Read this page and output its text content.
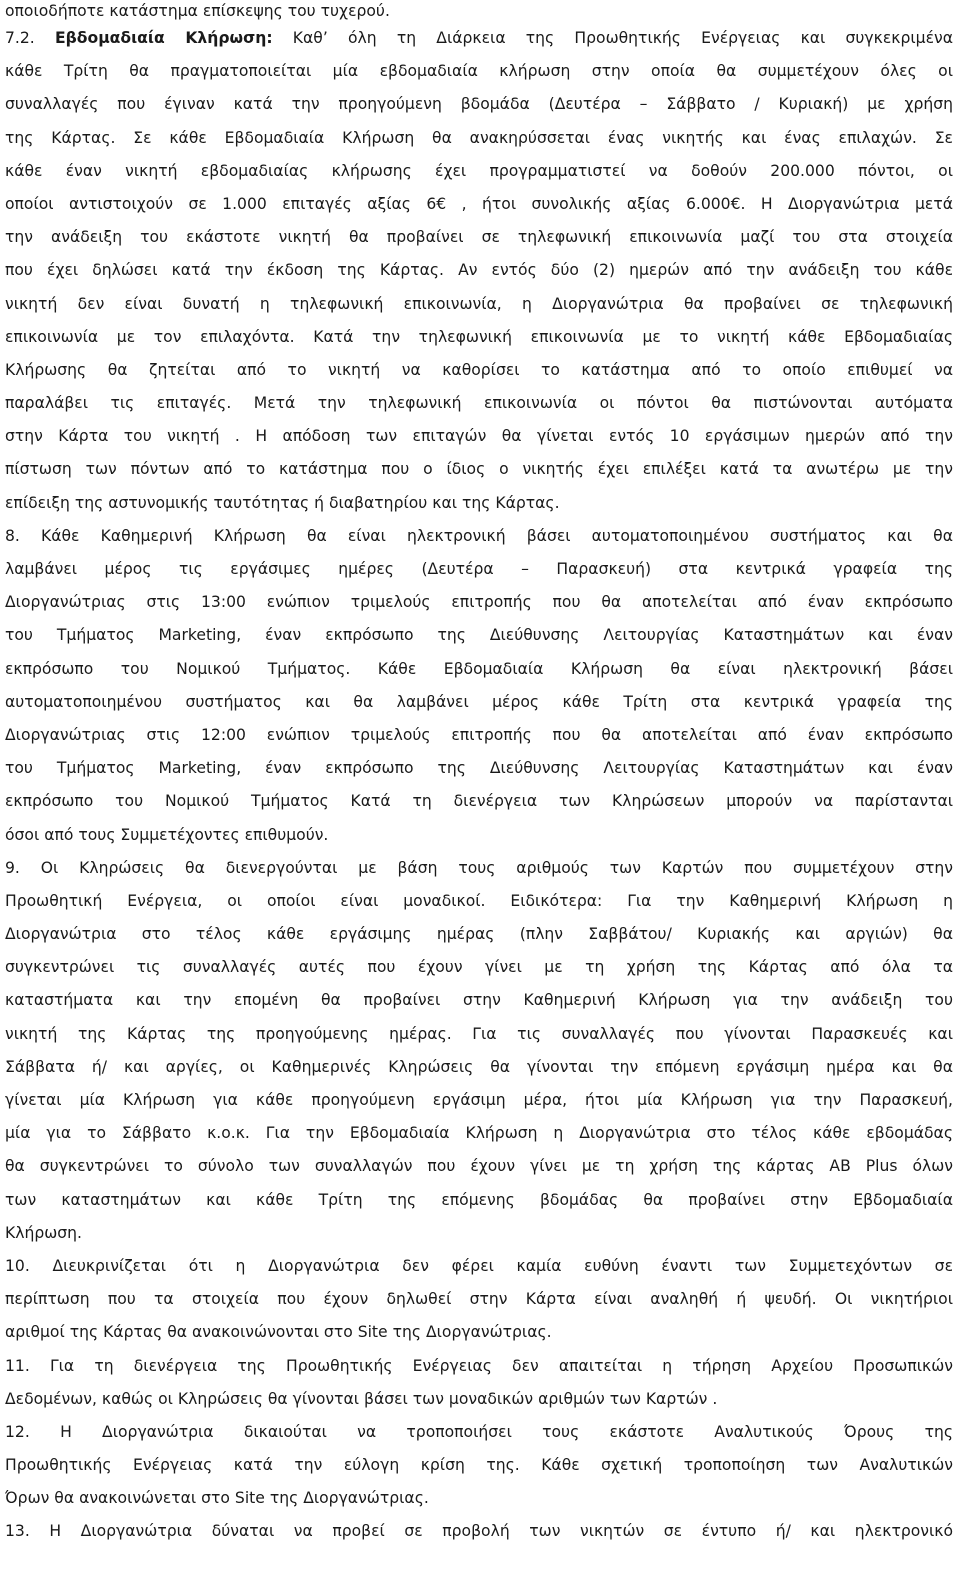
οποιοδήποτε κατάστημα επίσκεψης του τυχερού.
7.2. Εβδομαδιαία Κλήρωση: Καθ’ όλη τη Διάρκεια της Προωθητικής Ενέργειας και συγκεκριμένα
κάθε Τρίτη θα πραγματοποιείται μία εβδομαδιαία κλήρωση στην οποία θα συμμετέχουν όλες οι
συναλλαγές που έγιναν κατά την προηγούμενη βδομάδα (Δευτέρα – Σάββατο / Κυριακή) με χρήση
της Κάρτας. Σε κάθε Εβδομαδιαία Κλήρωση θα ανακηρύσσεται ένας νικητής και ένας επιλαχών. Σε
κάθε έναν νικητή εβδομαδιαίας κλήρωσης έχει προγραμματιστεί να δοθούν 200.000 πόντοι, οι
οποίοι αντιστοιχούν σε 1.000 επιταγές αξίας 6€ , ήτοι συνολικής αξίας 6.000€. Η Διοργανώτρια μετά
την ανάδειξη του εκάστοτε νικητή θα προβαίνει σε τηλεφωνική επικοινωνία μαζί του στα στοιχεία
που έχει δηλώσει κατά την έκδοση της Κάρτας. Αν εντός δύο (2) ημερών από την ανάδειξη του κάθε
νικητή δεν είναι δυνατή η τηλεφωνική επικοινωνία, η Διοργανώτρια θα προβαίνει σε τηλεφωνική
επικοινωνία με τον επιλαχόντα. Κατά την τηλεφωνική επικοινωνία με το νικητή κάθε Εβδομαδιαίας
Κλήρωσης θα ζητείται από το νικητή να καθορίσει το κατάστημα από το οποίο επιθυμεί να
παραλάβει τις επιταγές. Μετά την τηλεφωνική επικοινωνία οι πόντοι θα πιστώνονται αυτόματα
στην Κάρτα του νικητή . Η απόδοση των επιταγών θα γίνεται εντός 10 εργάσιμων ημερών από την
πίστωση των πόντων από το κατάστημα που ο ίδιος ο νικητής έχει επιλέξει κατά τα ανωτέρω με την
επίδειξη της αστυνομικής ταυτότητας ή διαβατηρίου και της Κάρτας.
8. Κάθε Καθημερινή Κλήρωση θα είναι ηλεκτρονική βάσει αυτοματοποιημένου συστήματος και θα
λαμβάνει μέρος τις εργάσιμες ημέρες (Δευτέρα – Παρασκευή) στα κεντρικά γραφεία της
Διοργανώτριας στις 13:00 ενώπιον τριμελούς επιτροπής που θα αποτελείται από έναν εκπρόσωπο
του Τμήματος Marketing, έναν εκπρόσωπο της Διεύθυνσης Λειτουργίας Καταστημάτων και έναν
εκπρόσωπο του Νομικού Τμήματος. Κάθε Εβδομαδιαία Κλήρωση θα είναι ηλεκτρονική βάσει
αυτοματοποιημένου συστήματος και θα λαμβάνει μέρος κάθε Τρίτη στα κεντρικά γραφεία της
Διοργανώτριας στις 12:00 ενώπιον τριμελούς επιτροπής που θα αποτελείται από έναν εκπρόσωπο
του Τμήματος Marketing, έναν εκπρόσωπο της Διεύθυνσης Λειτουργίας Καταστημάτων και έναν
εκπρόσωπο του Νομικού Τμήματος Κατά τη διενέργεια των Κληρώσεων μπορούν να παρίστανται
όσοι από τους Συμμετέχοντες επιθυμούν.
9. Οι Κληρώσεις θα διενεργούνται με βάση τους αριθμούς των Καρτών που συμμετέχουν στην
Προωθητική Ενέργεια, οι οποίοι είναι μοναδικοί. Ειδικότερα: Για την Καθημερινή Κλήρωση η
Διοργανώτρια στο τέλος κάθε εργάσιμης ημέρας (πλην Σαββάτου/ Κυριακής και αργιών) θα
συγκεντρώνει τις συναλλαγές αυτές που έχουν γίνει με τη χρήση της Κάρτας από όλα τα
καταστήματα και την επομένη θα προβαίνει στην Καθημερινή Κλήρωση για την ανάδειξη του
νικητή της Κάρτας της προηγούμενης ημέρας. Για τις συναλλαγές που γίνονται Παρασκευές και
Σάββατα ή/ και αργίες, οι Καθημερινές Κληρώσεις θα γίνονται την επόμενη εργάσιμη ημέρα και θα
γίνεται μία Κλήρωση για κάθε προηγούμενη εργάσιμη μέρα, ήτοι μία Κλήρωση για την Παρασκευή,
μία για το Σάββατο κ.ο.κ. Για την Εβδομαδιαία Κλήρωση η Διοργανώτρια στο τέλος κάθε εβδομάδας
θα συγκεντρώνει το σύνολο των συναλλαγών που έχουν γίνει με τη χρήση της κάρτας AB Plus όλων
των καταστημάτων και κάθε Τρίτη της επόμενης βδομάδας θα προβαίνει στην Εβδομαδιαία
Κλήρωση.
10. Διευκρινίζεται ότι η Διοργανώτρια δεν φέρει καμία ευθύνη έναντι των Συμμετεχόντων σε
περίπτωση που τα στοιχεία που έχουν δηλωθεί στην Κάρτα είναι αναληθή ή ψευδή. Οι νικητήριοι
αριθμοί της Κάρτας θα ανακοινώνονται στο Site της Διοργανώτριας.
11. Για τη διενέργεια της Προωθητικής Ενέργειας δεν απαιτείται η τήρηση Αρχείου Προσωπικών
Δεδομένων, καθώς οι Κληρώσεις θα γίνονται βάσει των μοναδικών αριθμών των Καρτών .
12. Η Διοργανώτρια δικαιούται να τροποποιήσει τους εκάστοτε Αναλυτικούς Όρους της
Προωθητικής Ενέργειας κατά την εύλογη κρίση της. Κάθε σχετική τροποποίηση των Αναλυτικών
Όρων θα ανακοινώνεται στο Site της Διοργανώτριας.
13. Η Διοργανώτρια δύναται να προβεί σε προβολή των νικητών σε έντυπο ή/ και ηλεκτρονικό
